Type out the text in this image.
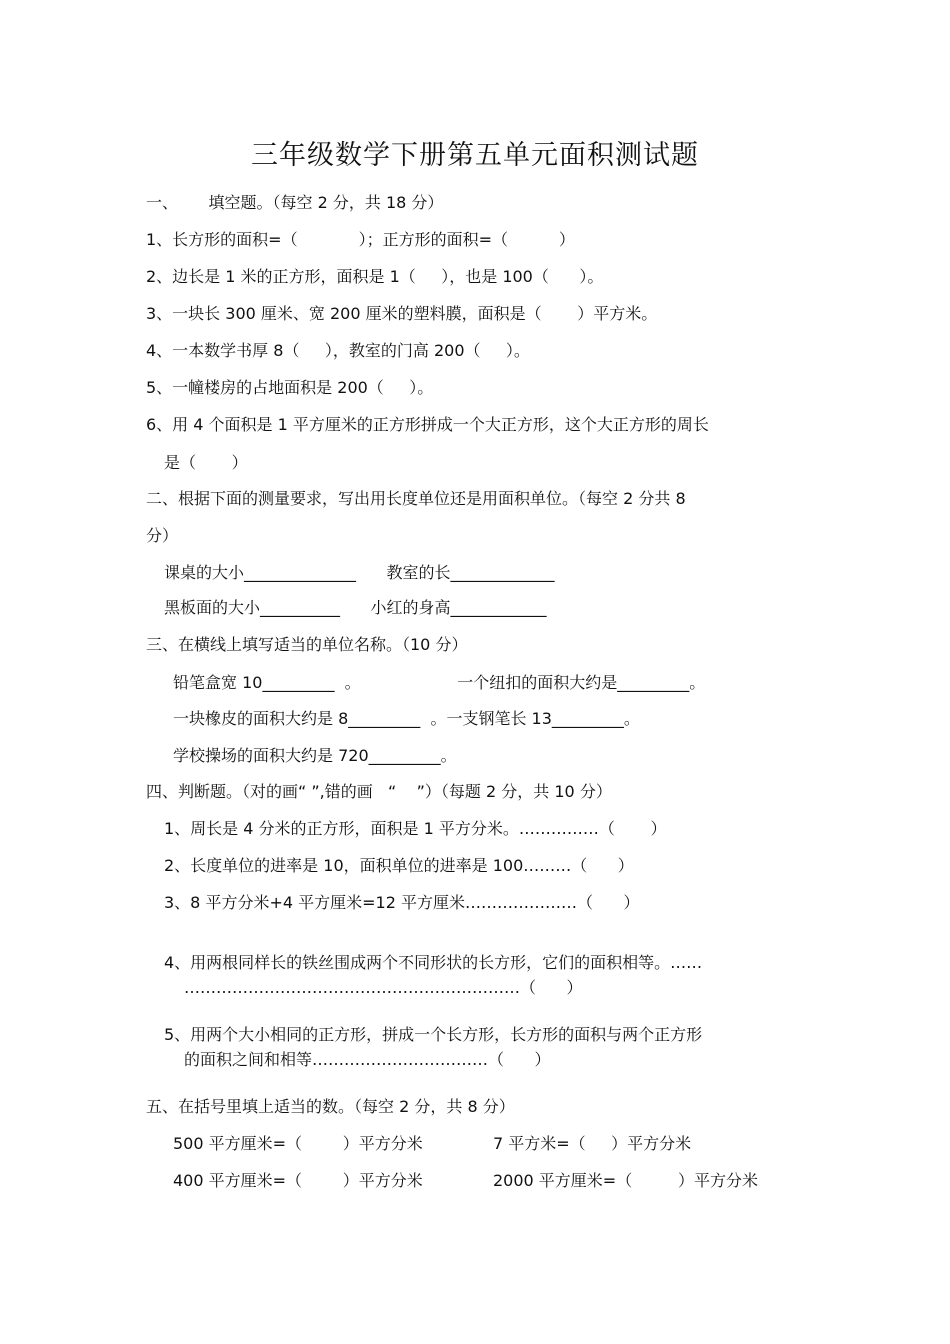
三年级数学下册第五单元面积测试题
一、      填空题。（每空 2 分，共 18 分）
1、长方形的面积=（            ）；正方形的面积=（          ）
2、边长是 1 米的正方形，面积是 1（     ），也是 100（      ）。
3、一块长 300 厘米、宽 200 厘米的塑料膜，面积是（       ）平方米。
4、一本数学书厚 8（     ），教室的门高 200（     ）。
5、一幢楼房的占地面积是 200（     ）。
6、用 4 个面积是 1 平方厘米的正方形拼成一个大正方形，这个大正方形的周长
是（       ）
二、根据下面的测量要求，写出用长度单位还是用面积单位。（每空 2 分共 8
分）
课桌的大小______________      教室的长_____________
黑板面的大小__________      小红的身高____________
三、在横线上填写适当的单位名称。（10 分）
铅笔盒宽 10_________  。                   一个纽扣的面积大约是_________。
一块橡皮的面积大约是 8_________  。一支钢笔长 13_________。
学校操场的面积大约是 720_________。
四、判断题。（对的画“ ”,错的画   “    ”）（每题 2 分，共 10 分）
1、周长是 4 分米的正方形，面积是 1 平方分米。……………（       ）
2、长度单位的进率是 10，面积单位的进率是 100………（      ）
3、8 平方分米+4 平方厘米=12 平方厘米…………………（      ）
4、用两根同样长的铁丝围成两个不同形状的长方形，它们的面积相等。……
………………………………………………………（      ）
5、用两个大小相同的正方形，拼成一个长方形，长方形的面积与两个正方形
的面积之间和相等……………………………（      ）
五、在括号里填上适当的数。（每空 2 分，共 8 分）
500 平方厘米=（        ）平方分米	7 平方米=（     ）平方分米
400 平方厘米=（        ）平方分米	2000 平方厘米=（         ）平方分米
